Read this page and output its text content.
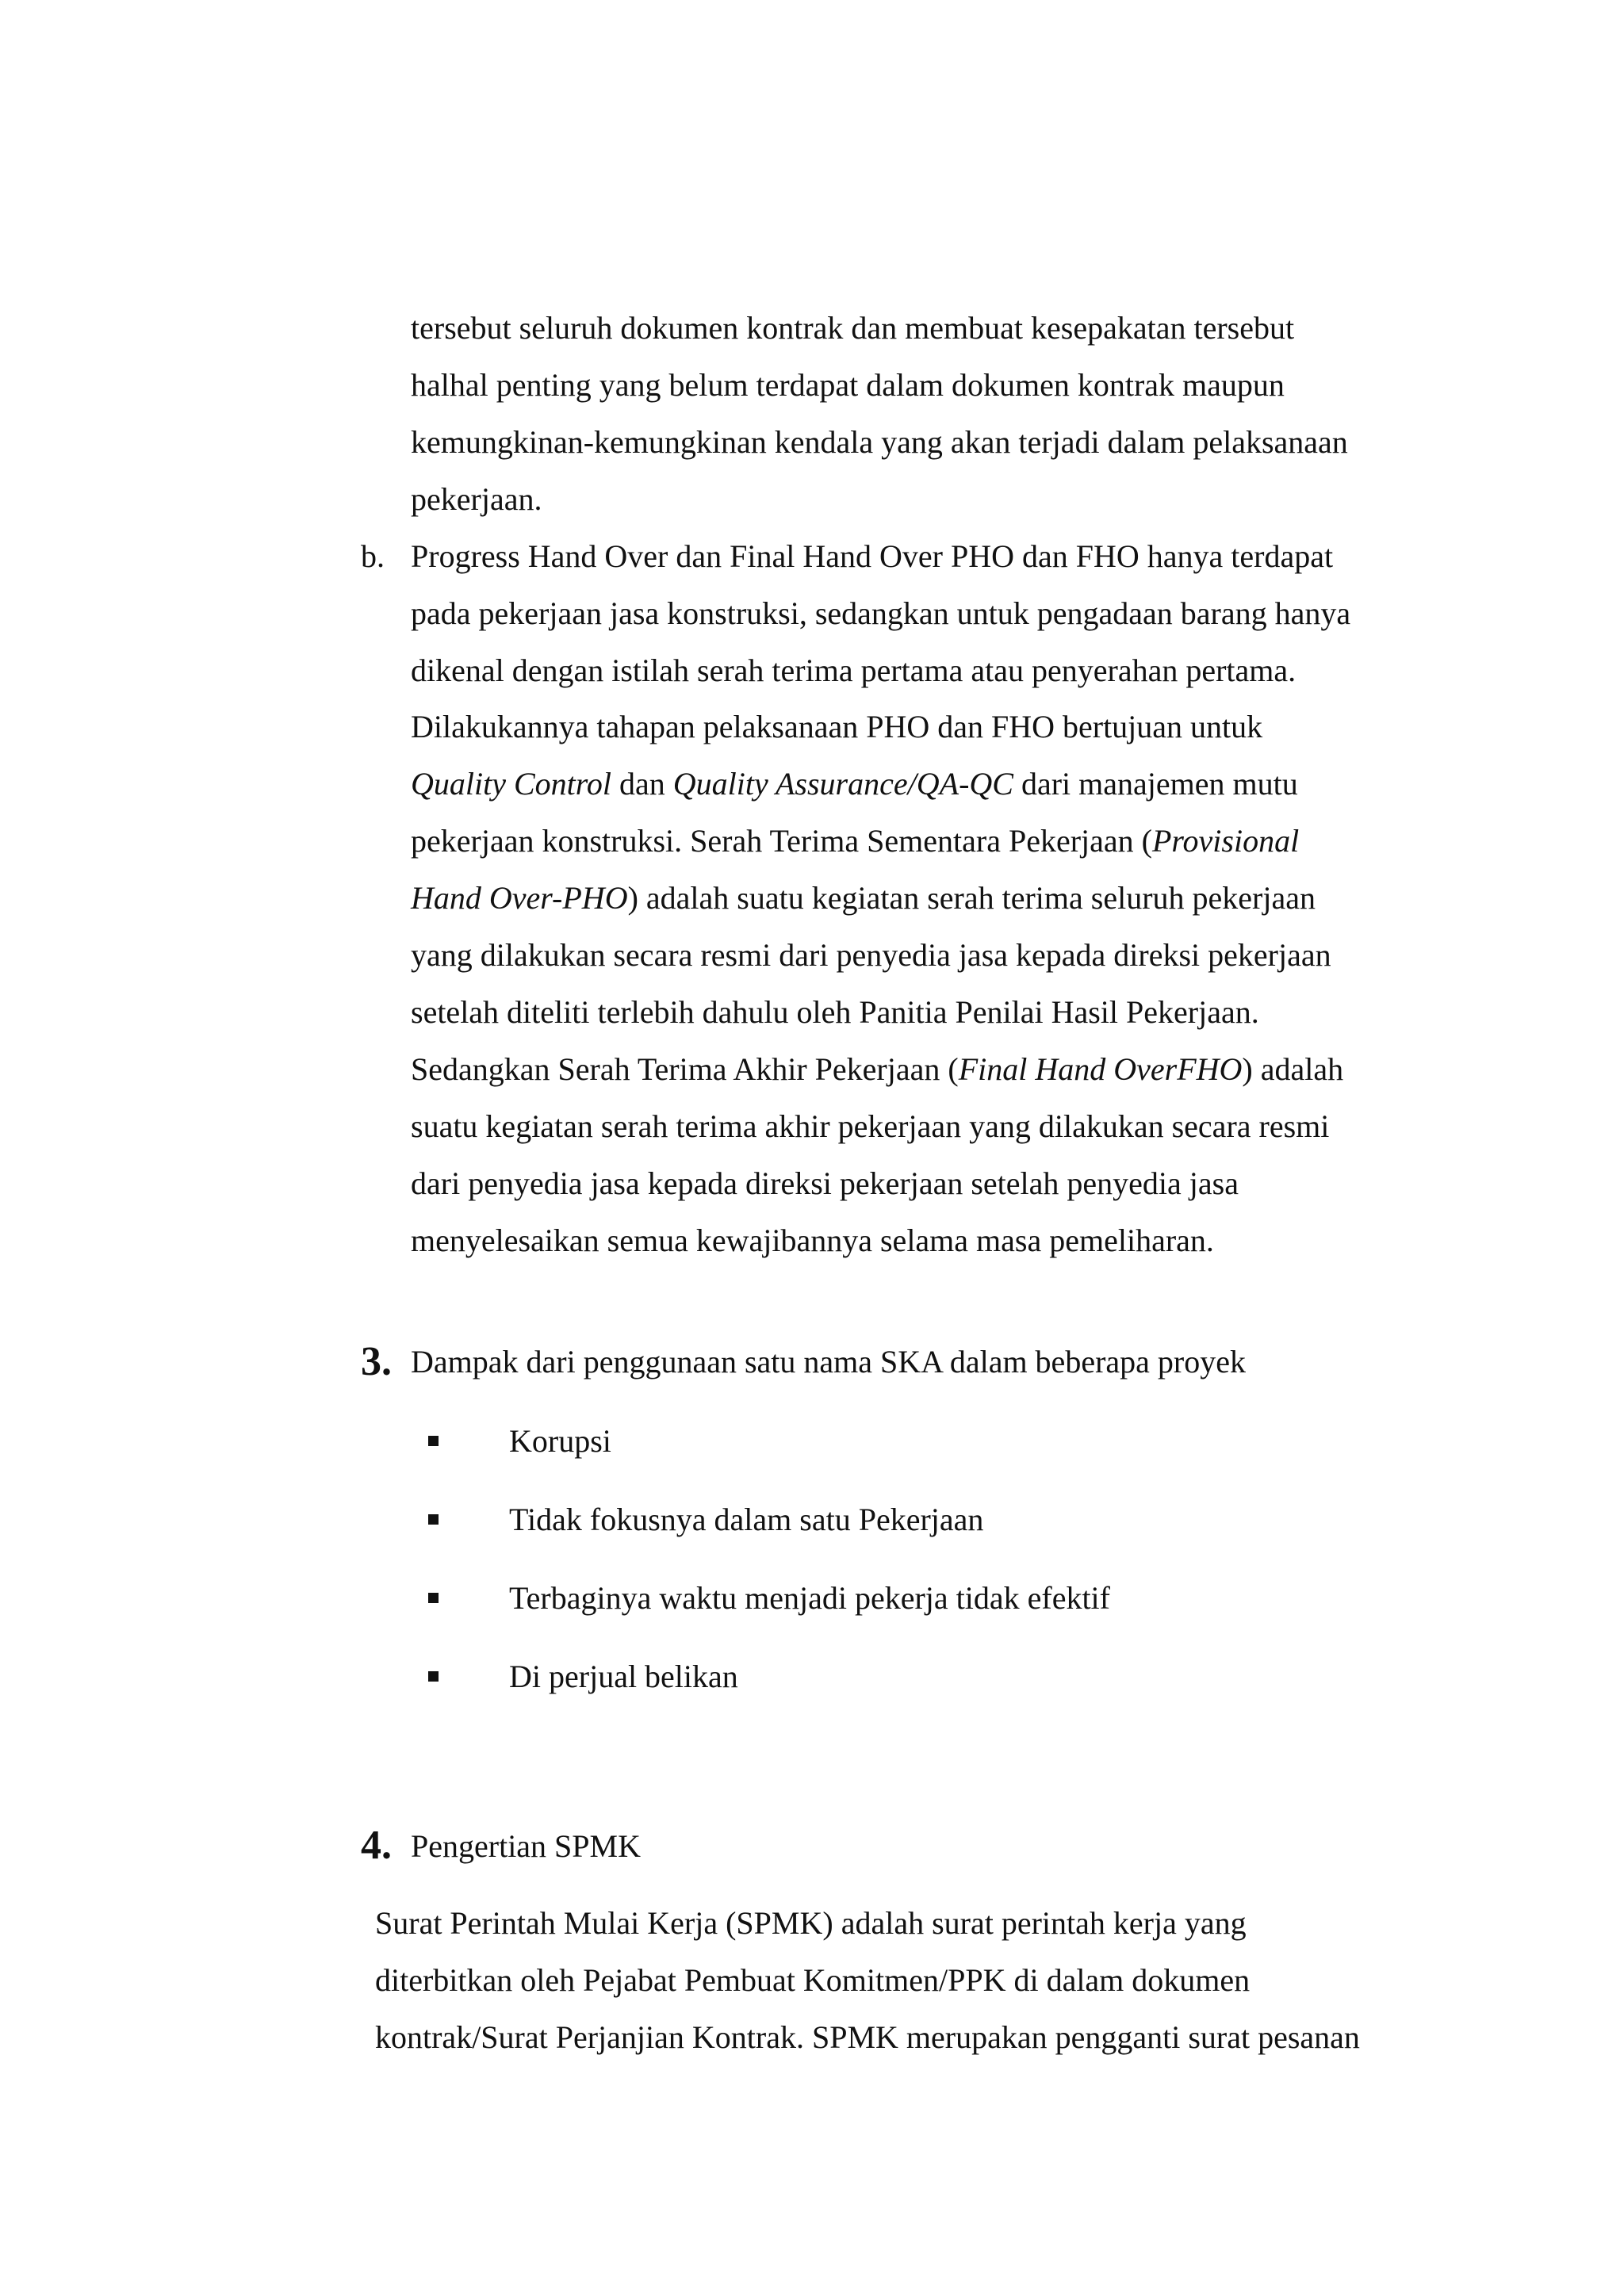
tersebut seluruh dokumen kontrak dan membuat kesepakatan tersebut
halhal penting yang belum terdapat dalam dokumen kontrak maupun
kemungkinan-kemungkinan kendala yang akan terjadi dalam pelaksanaan
pekerjaan.
b. Progress Hand Over dan Final Hand Over PHO dan FHO hanya terdapat
pada pekerjaan jasa konstruksi, sedangkan untuk pengadaan barang hanya
dikenal dengan istilah serah terima pertama atau penyerahan pertama.
Dilakukannya tahapan pelaksanaan PHO dan FHO bertujuan untuk
Quality Control dan Quality Assurance/QA-QC dari manajemen mutu
pekerjaan konstruksi. Serah Terima Sementara Pekerjaan (Provisional
Hand Over-PHO) adalah suatu kegiatan serah terima seluruh pekerjaan
yang dilakukan secara resmi dari penyedia jasa kepada direksi pekerjaan
setelah diteliti terlebih dahulu oleh Panitia Penilai Hasil Pekerjaan.
Sedangkan Serah Terima Akhir Pekerjaan (Final Hand OverFHO) adalah
suatu kegiatan serah terima akhir pekerjaan yang dilakukan secara resmi
dari penyedia jasa kepada direksi pekerjaan setelah penyedia jasa
menyelesaikan semua kewajibannya selama masa pemeliharan.
3. Dampak dari penggunaan satu nama SKA dalam beberapa proyek
Korupsi
Tidak fokusnya dalam satu Pekerjaan
Terbaginya waktu menjadi pekerja tidak efektif
Di perjual belikan
4. Pengertian SPMK
Surat Perintah Mulai Kerja (SPMK) adalah surat perintah kerja yang
diterbitkan oleh Pejabat Pembuat Komitmen/PPK di dalam dokumen
kontrak/Surat Perjanjian Kontrak. SPMK merupakan pengganti surat pesanan
